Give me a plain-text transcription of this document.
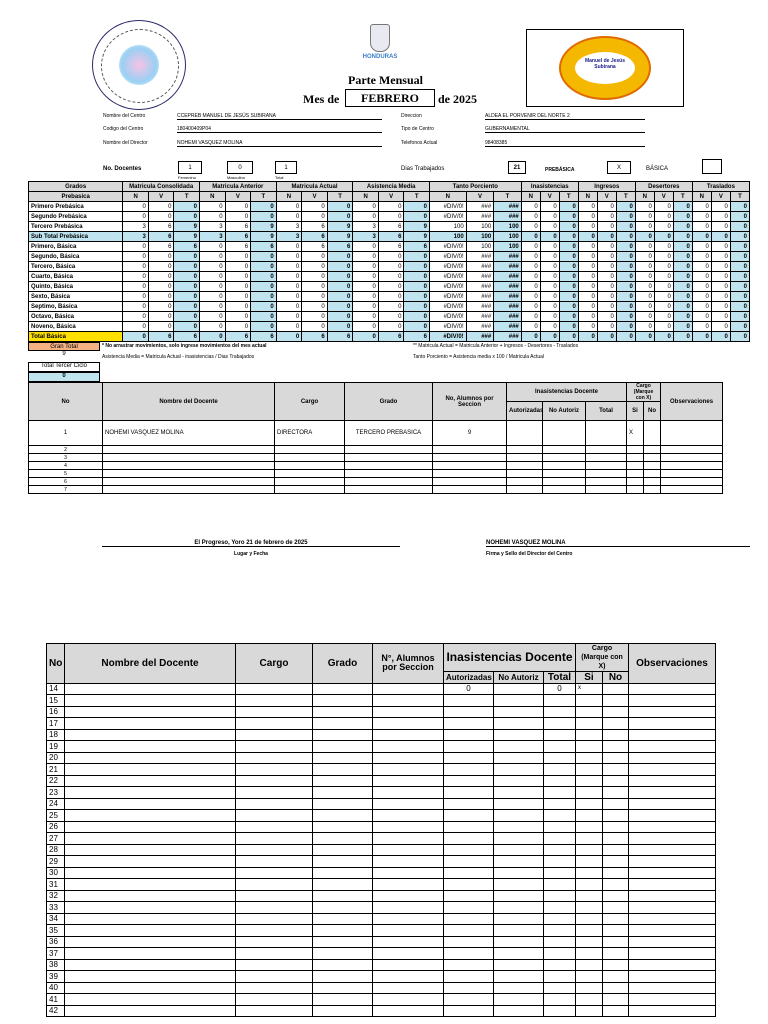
HONDURAS
Parte Mensual
Mes de	FEBRERO	de 2025
Manuel de Jesús Subirana
Nombre del Centro	CCEPREB MANUEL DE JESÚS SUBIRANA
Codigo del Centro	180400409P04
Nombre del Director	NOHEMI VASQUEZ MOLINA
Direccion	ALDEA EL PORVENIR DEL NORTE 2
Tipo de Centro	GUBERNAMENTAL
Telefonos Actual	98408385
No. Docentes	1	0	1
Femenino	Masculino	Total
Dias Trabajados	21	PREBÁSICA	X	BÁSICA
Grados	Matricula Consolidada			Matricula Anterior			Matricula Actual			Asistencia Media			Tanto Porciento			Inasistencias			Ingresos			Desertores			Traslados		
Prebasica	N	V	T	N	V	T	N	V	T	N	V	T	N	V	T	N	V	T	N	V	T	N	V	T	N	V	T
Primero Prebásica	0	0	0	0	0	0	0	0	0	0	0	0	#DIV/0!	###	###	0	0	0	0	0	0	0	0	0	0	0	0
Segundo Prebásica	0	0	0	0	0	0	0	0	0	0	0	0	#DIV/0!	###	###	0	0	0	0	0	0	0	0	0	0	0	0
Tercero Prebásica	3	6	9	3	6	9	3	6	9	3	6	9	100	100	100	0	0	0	0	0	0	0	0	0	0	0	0
Sub Total Prebásica	3	6	9	3	6	9	3	6	9	3	6	9	100	100	100	0	0	0	0	0	0	0	0	0	0	0	0
Primero, Básica	0	6	6	0	6	6	0	6	6	0	6	6	#DIV/0!	100	100	0	0	0	0	0	0	0	0	0	0	0	0
Segundo, Básica	0	0	0	0	0	0	0	0	0	0	0	0	#DIV/0!	###	###	0	0	0	0	0	0	0	0	0	0	0	0
Tercero, Básica	0	0	0	0	0	0	0	0	0	0	0	0	#DIV/0!	###	###	0	0	0	0	0	0	0	0	0	0	0	0
Cuarto, Básica	0	0	0	0	0	0	0	0	0	0	0	0	#DIV/0!	###	###	0	0	0	0	0	0	0	0	0	0	0	0
Quinto, Básica	0	0	0	0	0	0	0	0	0	0	0	0	#DIV/0!	###	###	0	0	0	0	0	0	0	0	0	0	0	0
Sexto, Básica	0	0	0	0	0	0	0	0	0	0	0	0	#DIV/0!	###	###	0	0	0	0	0	0	0	0	0	0	0	0
Septimo, Básica	0	0	0	0	0	0	0	0	0	0	0	0	#DIV/0!	###	###	0	0	0	0	0	0	0	0	0	0	0	0
Octavo, Básica	0	0	0	0	0	0	0	0	0	0	0	0	#DIV/0!	###	###	0	0	0	0	0	0	0	0	0	0	0	0
Noveno, Básica	0	0	0	0	0	0	0	0	0	0	0	0	#DIV/0!	###	###	0	0	0	0	0	0	0	0	0	0	0	0
Total Básica	0	6	6	0	6	6	0	6	6	0	6	6	#DIV/0!	###	###	0	0	0	0	0	0	0	0	0	0	0	0
Gran Total
9
Total Tercer Ciclo
0
* No arrastrar movimientos, solo ingrese movimientos del mes actual	** Matricula Actual = Matricula Anterior + Ingresos - Desertores - Traslados
Asistencia Media = Matricula Actual - inasistencias / Dias Trabajados	Tanto Porciento = Asistencia media x 100 / Matricula Actual
No	Nombre del Docente	Cargo	Grado	No, Alumnos por Seccion	Inasistencias Docente			Cargo (Marque con X)		Observaciones
					Autorizadas	No Autoriz	Total	Si	No	
1	NOHEMI VASQUEZ MOLINA	DIRECTORA	TERCERO PREBASICA	9				X		
2										
3										
4										
5										
6										
7										
El Progreso, Yoro 21 de febrero de 2025
Lugar y Fecha
NOHEMI VASQUEZ MOLINA
Firma y Sello del Director del Centro
No	Nombre del Docente	Cargo	Grado	N°, Alumnos por Seccion	Inasistencias Docente			Cargo (Marque con X)		Observaciones
					Autorizadas	No Autoriz	Total	Si	No	
14					0		0	x		
15										
16										
17										
18										
19										
20										
21										
22										
23										
24										
25										
26										
27										
28										
29										
30										
31										
32										
33										
34										
35										
36										
37										
38										
39										
40										
41										
42										
